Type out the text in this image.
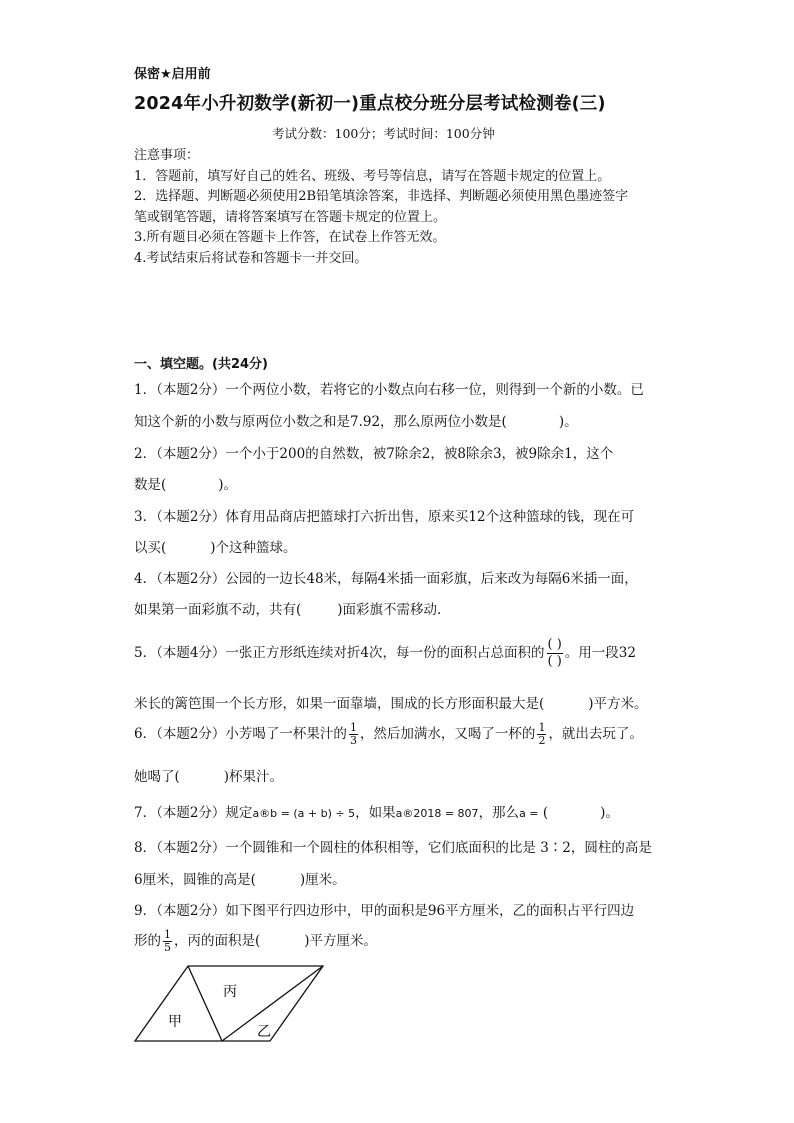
保密★启用前
2024年小升初数学(新初一)重点校分班分层考试检测卷(三)
考试分数：100分；考试时间：100分钟
注意事项：
1．答题前，填写好自己的姓名、班级、考号等信息，请写在答题卡规定的位置上。
2．选择题、判断题必须使用2B铅笔填涂答案，非选择、判断题必须使用黑色墨迹签字
笔或钢笔答题，请将答案填写在答题卡规定的位置上。
3.所有题目必须在答题卡上作答，在试卷上作答无效。
4.考试结束后将试卷和答题卡一并交回。
一、填空题。(共24分)
1．（本题2分）一个两位小数，若将它的小数点向右移一位，则得到一个新的小数。已
知这个新的小数与原两位小数之和是7.92，那么原两位小数是(	)。
2．（本题2分）一个小于200的自然数，被7除余2，被8除余3，被9除余1，这个
数是(	)。
3．（本题2分）体育用品商店把篮球打六折出售，原来买12个这种篮球的钱，现在可
以买(	)个这种篮球。
4．（本题2分）公园的一边长48米，每隔4米插一面彩旗，后来改为每隔6米插一面，
如果第一面彩旗不动，共有(	)面彩旗不需移动.
5．（本题4分）一张正方形纸连续对折4次，每一份的面积占总面积的 $\frac{( )}{( )}$ 。用一段32
米长的篱笆围一个长方形，如果一面靠墙，围成的长方形面积最大是(	)平方米。
6．（本题2分）小芳喝了一杯果汁的 $\frac{1}{3}$ ，然后加满水，又喝了一杯的 $\frac{1}{2}$ ，就出去玩了。
她喝了(	)杯果汁。
7．（本题2分）规定a®b = (a + b) ÷ 5，如果a®2018 = 807，那么a = (	)。
8．（本题2分）一个圆锥和一个圆柱的体积相等，它们底面积的比是 3∶2，圆柱的高是
6厘米，圆锥的高是(	)厘米。
9．（本题2分）如下图平行四边形中，甲的面积是96平方厘米，乙的面积占平行四边
形的 $\frac{1}{5}$ ，丙的面积是(	)平方厘米。
甲
丙
乙
